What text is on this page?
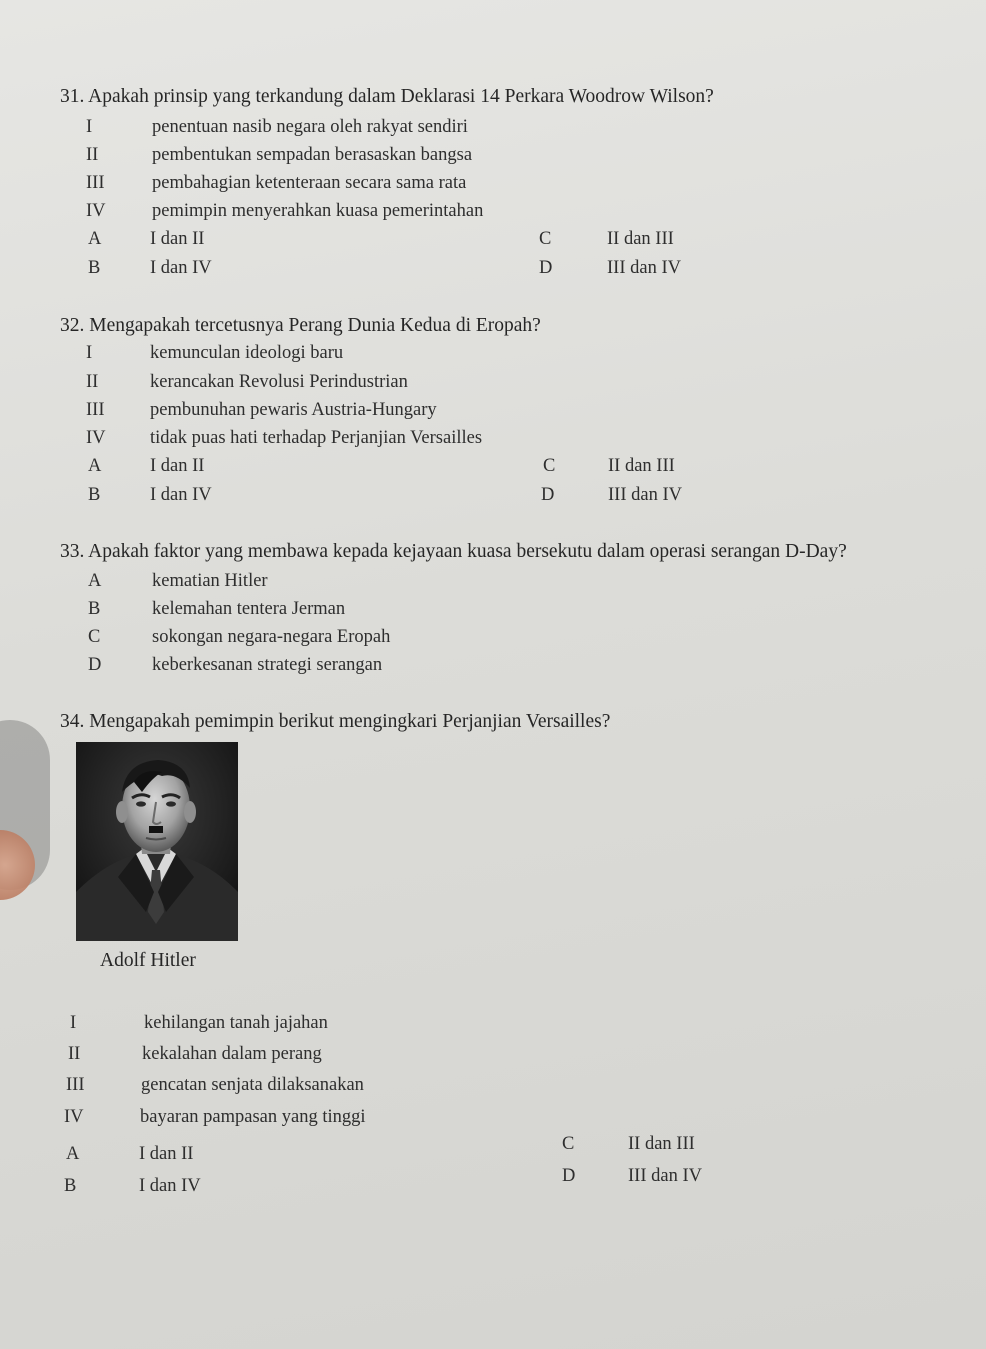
31. Apakah prinsip yang terkandung dalam Deklarasi 14 Perkara Woodrow Wilson?
I	penentuan nasib negara oleh rakyat sendiri
II	pembentukan sempadan berasaskan bangsa
III	pembahagian ketenteraan secara sama rata
IV	pemimpin menyerahkan kuasa pemerintahan
A	I dan II	C	II dan III
B	I dan IV	D	III dan IV
32. Mengapakah tercetusnya Perang Dunia Kedua di Eropah?
I	kemunculan ideologi baru
II	kerancakan Revolusi Perindustrian
III pembunuhan pewaris Austria-Hungary
IV tidak puas hati terhadap Perjanjian Versailles
A	I dan II	C	II dan III
B	I dan IV	D	III dan IV
33. Apakah faktor yang membawa kepada kejayaan kuasa bersekutu dalam operasi serangan D-Day?
A	kematian Hitler
B	kelemahan tentera Jerman
C	sokongan negara-negara Eropah
D	keberkesanan strategi serangan
34. Mengapakah pemimpin berikut mengingkari Perjanjian Versailles?
Adolf Hitler
I	kehilangan tanah jajahan
II	kekalahan dalam perang
III	gencatan senjata dilaksanakan
IV	bayaran pampasan yang tinggi
A	I dan II	C	II dan III
B	I dan IV	D	III dan IV
